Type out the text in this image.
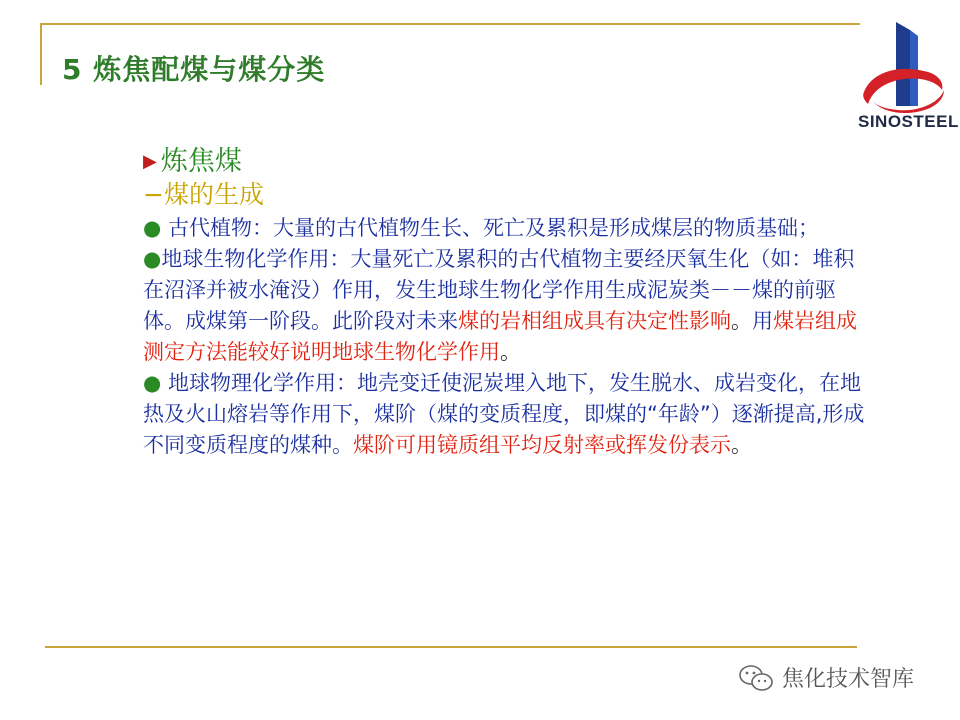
5 炼焦配煤与煤分类
SINOSTEEL
▶ 炼焦煤
−煤的生成

● 古代植物：大量的古代植物生长、死亡及累积是形成煤层的物质基础；

●地球生物化学作用：大量死亡及累积的古代植物主要经厌氧生化（如：堆积在沼泽并被水淹没）作用，发生地球生物化学作用生成泥炭类－－煤的前驱体。成煤第一阶段。此阶段对未来煤的岩相组成具有决定性影响。用煤岩组成测定方法能较好说明地球生物化学作用。

● 地球物理化学作用：地壳变迁使泥炭埋入地下，发生脱水、成岩变化，在地热及火山熔岩等作用下，煤阶（煤的变质程度，即煤的“年龄”）逐渐提高,形成不同变质程度的煤种。煤阶可用镜质组平均反射率或挥发份表示。

焦化技术智库
